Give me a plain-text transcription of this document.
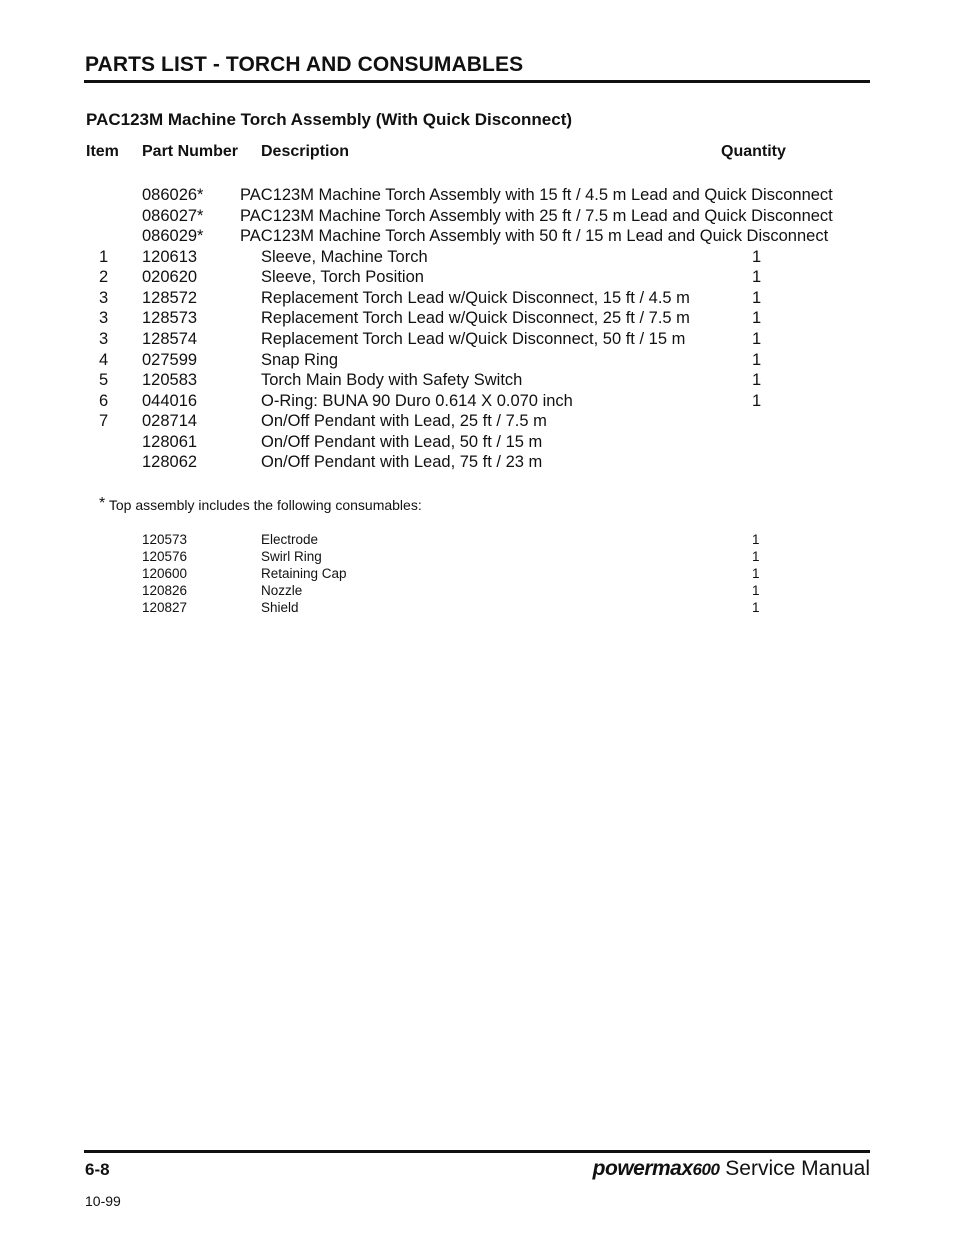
PARTS LIST - TORCH AND CONSUMABLES
PAC123M Machine Torch Assembly (With Quick Disconnect)
Item Part Number Description	Quantity
086026* PAC123M Machine Torch Assembly with 15 ft / 4.5 m Lead and Quick Disconnect
086027* PAC123M Machine Torch Assembly with 25 ft / 7.5 m Lead and Quick Disconnect
086029* PAC123M Machine Torch Assembly with 50 ft / 15 m Lead and Quick Disconnect
1 120613	Sleeve, Machine Torch	1
2 020620	Sleeve, Torch Position	1
3 128572	Replacement Torch Lead w/Quick Disconnect, 15 ft / 4.5 m	1
3 128573	Replacement Torch Lead w/Quick Disconnect, 25 ft / 7.5 m	1
3 128574	Replacement Torch Lead w/Quick Disconnect, 50 ft / 15 m	1
4 027599	Snap Ring	1
5 120583	Torch Main Body with Safety Switch	1
6 044016	O-Ring: BUNA 90 Duro 0.614 X 0.070 inch	1
7 028714	On/Off Pendant with Lead, 25 ft / 7.5 m
128061	On/Off Pendant with Lead, 50 ft / 15 m
128062	On/Off Pendant with Lead, 75 ft / 23 m
* Top assembly includes the following consumables:
120573	Electrode	1
120576	Swirl Ring	1
120600	Retaining Cap	1
120826	Nozzle	1
120827	Shield	1
6-8	powermax600 Service Manual
10-99
